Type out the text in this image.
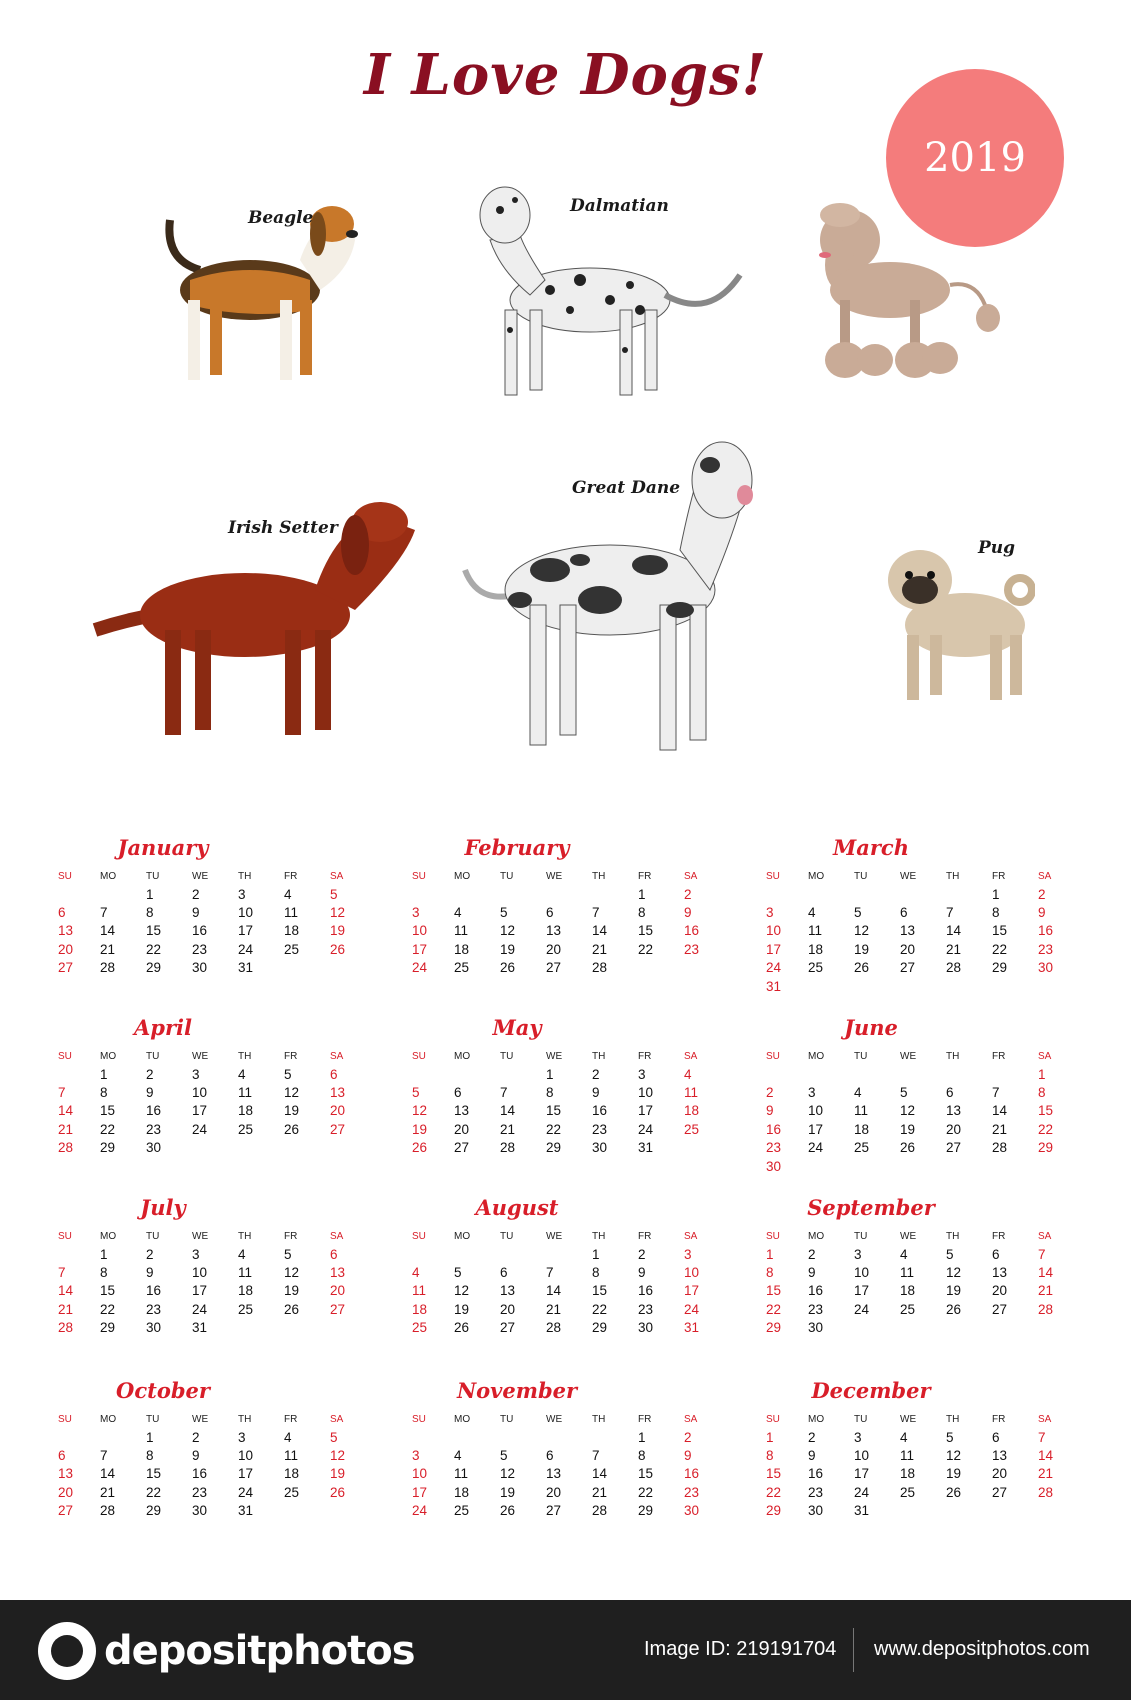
I Love Dogs!
2019
Beagle
Dalmatian
Irish Setter
Great Dane
Pug
January
SU	MO	TU	WE	TH	FR	SA
		1	2	3	4	5
6	7	8	9	10	11	12
13	14	15	16	17	18	19
20	21	22	23	24	25	26
27	28	29	30	31		
February
SU	MO	TU	WE	TH	FR	SA
					1	2
3	4	5	6	7	8	9
10	11	12	13	14	15	16
17	18	19	20	21	22	23
24	25	26	27	28		
March
SU	MO	TU	WE	TH	FR	SA
					1	2
3	4	5	6	7	8	9
10	11	12	13	14	15	16
17	18	19	20	21	22	23
24	25	26	27	28	29	30
31						
April
SU	MO	TU	WE	TH	FR	SA
	1	2	3	4	5	6
7	8	9	10	11	12	13
14	15	16	17	18	19	20
21	22	23	24	25	26	27
28	29	30				
May
SU	MO	TU	WE	TH	FR	SA
			1	2	3	4
5	6	7	8	9	10	11
12	13	14	15	16	17	18
19	20	21	22	23	24	25
26	27	28	29	30	31	
June
SU	MO	TU	WE	TH	FR	SA
						1
2	3	4	5	6	7	8
9	10	11	12	13	14	15
16	17	18	19	20	21	22
23	24	25	26	27	28	29
30						
July
SU	MO	TU	WE	TH	FR	SA
	1	2	3	4	5	6
7	8	9	10	11	12	13
14	15	16	17	18	19	20
21	22	23	24	25	26	27
28	29	30	31			
August
SU	MO	TU	WE	TH	FR	SA
				1	2	3
4	5	6	7	8	9	10
11	12	13	14	15	16	17
18	19	20	21	22	23	24
25	26	27	28	29	30	31
September
SU	MO	TU	WE	TH	FR	SA
1	2	3	4	5	6	7
8	9	10	11	12	13	14
15	16	17	18	19	20	21
22	23	24	25	26	27	28
29	30					
October
SU	MO	TU	WE	TH	FR	SA
		1	2	3	4	5
6	7	8	9	10	11	12
13	14	15	16	17	18	19
20	21	22	23	24	25	26
27	28	29	30	31		
November
SU	MO	TU	WE	TH	FR	SA
					1	2
3	4	5	6	7	8	9
10	11	12	13	14	15	16
17	18	19	20	21	22	23
24	25	26	27	28	29	30
December
SU	MO	TU	WE	TH	FR	SA
1	2	3	4	5	6	7
8	9	10	11	12	13	14
15	16	17	18	19	20	21
22	23	24	25	26	27	28
29	30	31				
depositphotos	Image ID: 219191704 www.depositphotos.com
